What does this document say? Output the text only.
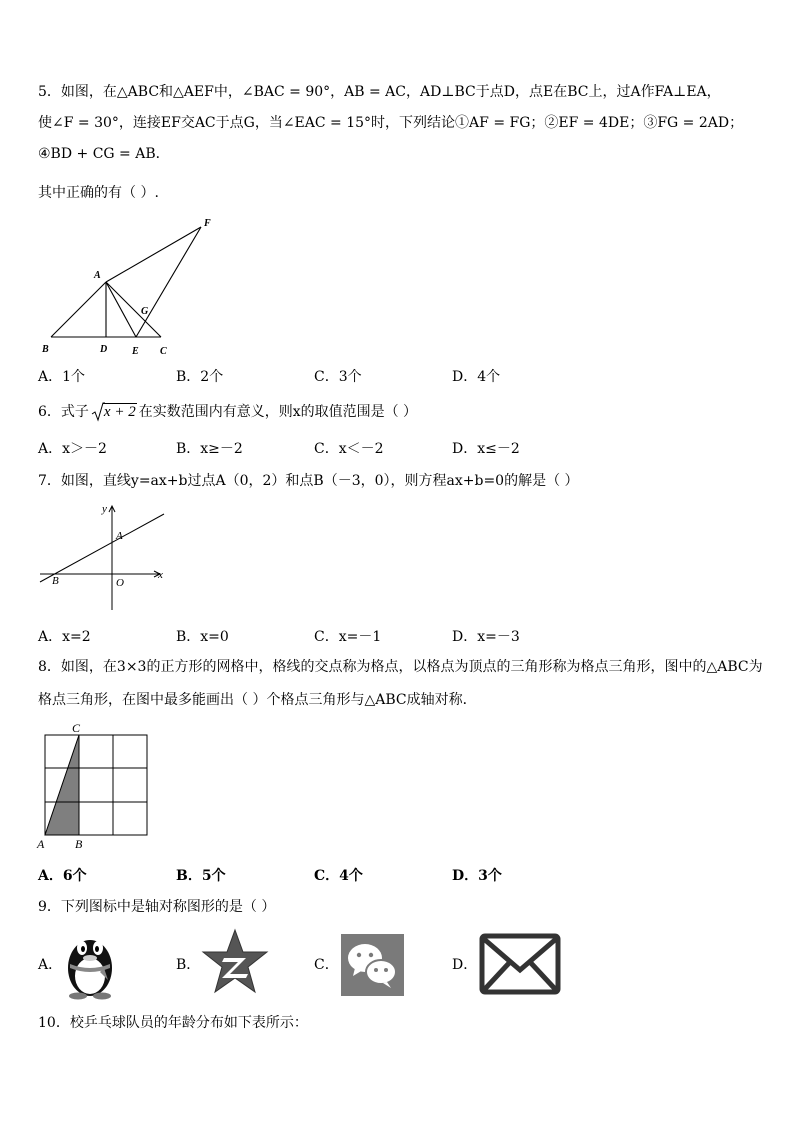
5．如图，在△ABC和△AEF中，∠BAC = 90°，AB = AC，AD⊥BC于点D，点E在BC上，过A作FA⊥EA，
使∠F = 30°，连接EF交AC于点G，当∠EAC = 15°时，下列结论①AF = FG；②EF = 4DE；③FG = 2AD；
④BD + CG = AB．
其中正确的有（ ）.
F
A
G
B	D E C
A．1个	B．2个	C．3个	D．4个
6．式子 x + 2 在实数范围内有意义，则x的取值范围是（ ）
A．x＞－2	B．x≥－2	C．x＜－2	D．x≤－2
7．如图，直线y=ax+b过点A（0，2）和点B（－3，0），则方程ax+b=0的解是（ ）
y
x
A
B	O
A．x=2	B．x=0	C．x=－1	D．x=－3
8．如图，在3×3的正方形的网格中，格线的交点称为格点，以格点为顶点的三角形称为格点三角形，图中的△ABC为
格点三角形，在图中最多能画出（ ）个格点三角形与△ABC成轴对称．
C
A	B
A．6个	B．5个	C．4个	D．3个
9．下列图标中是轴对称图形的是（ ）
A．	B．	C．	D．
10．校乒乓球队员的年龄分布如下表所示：
